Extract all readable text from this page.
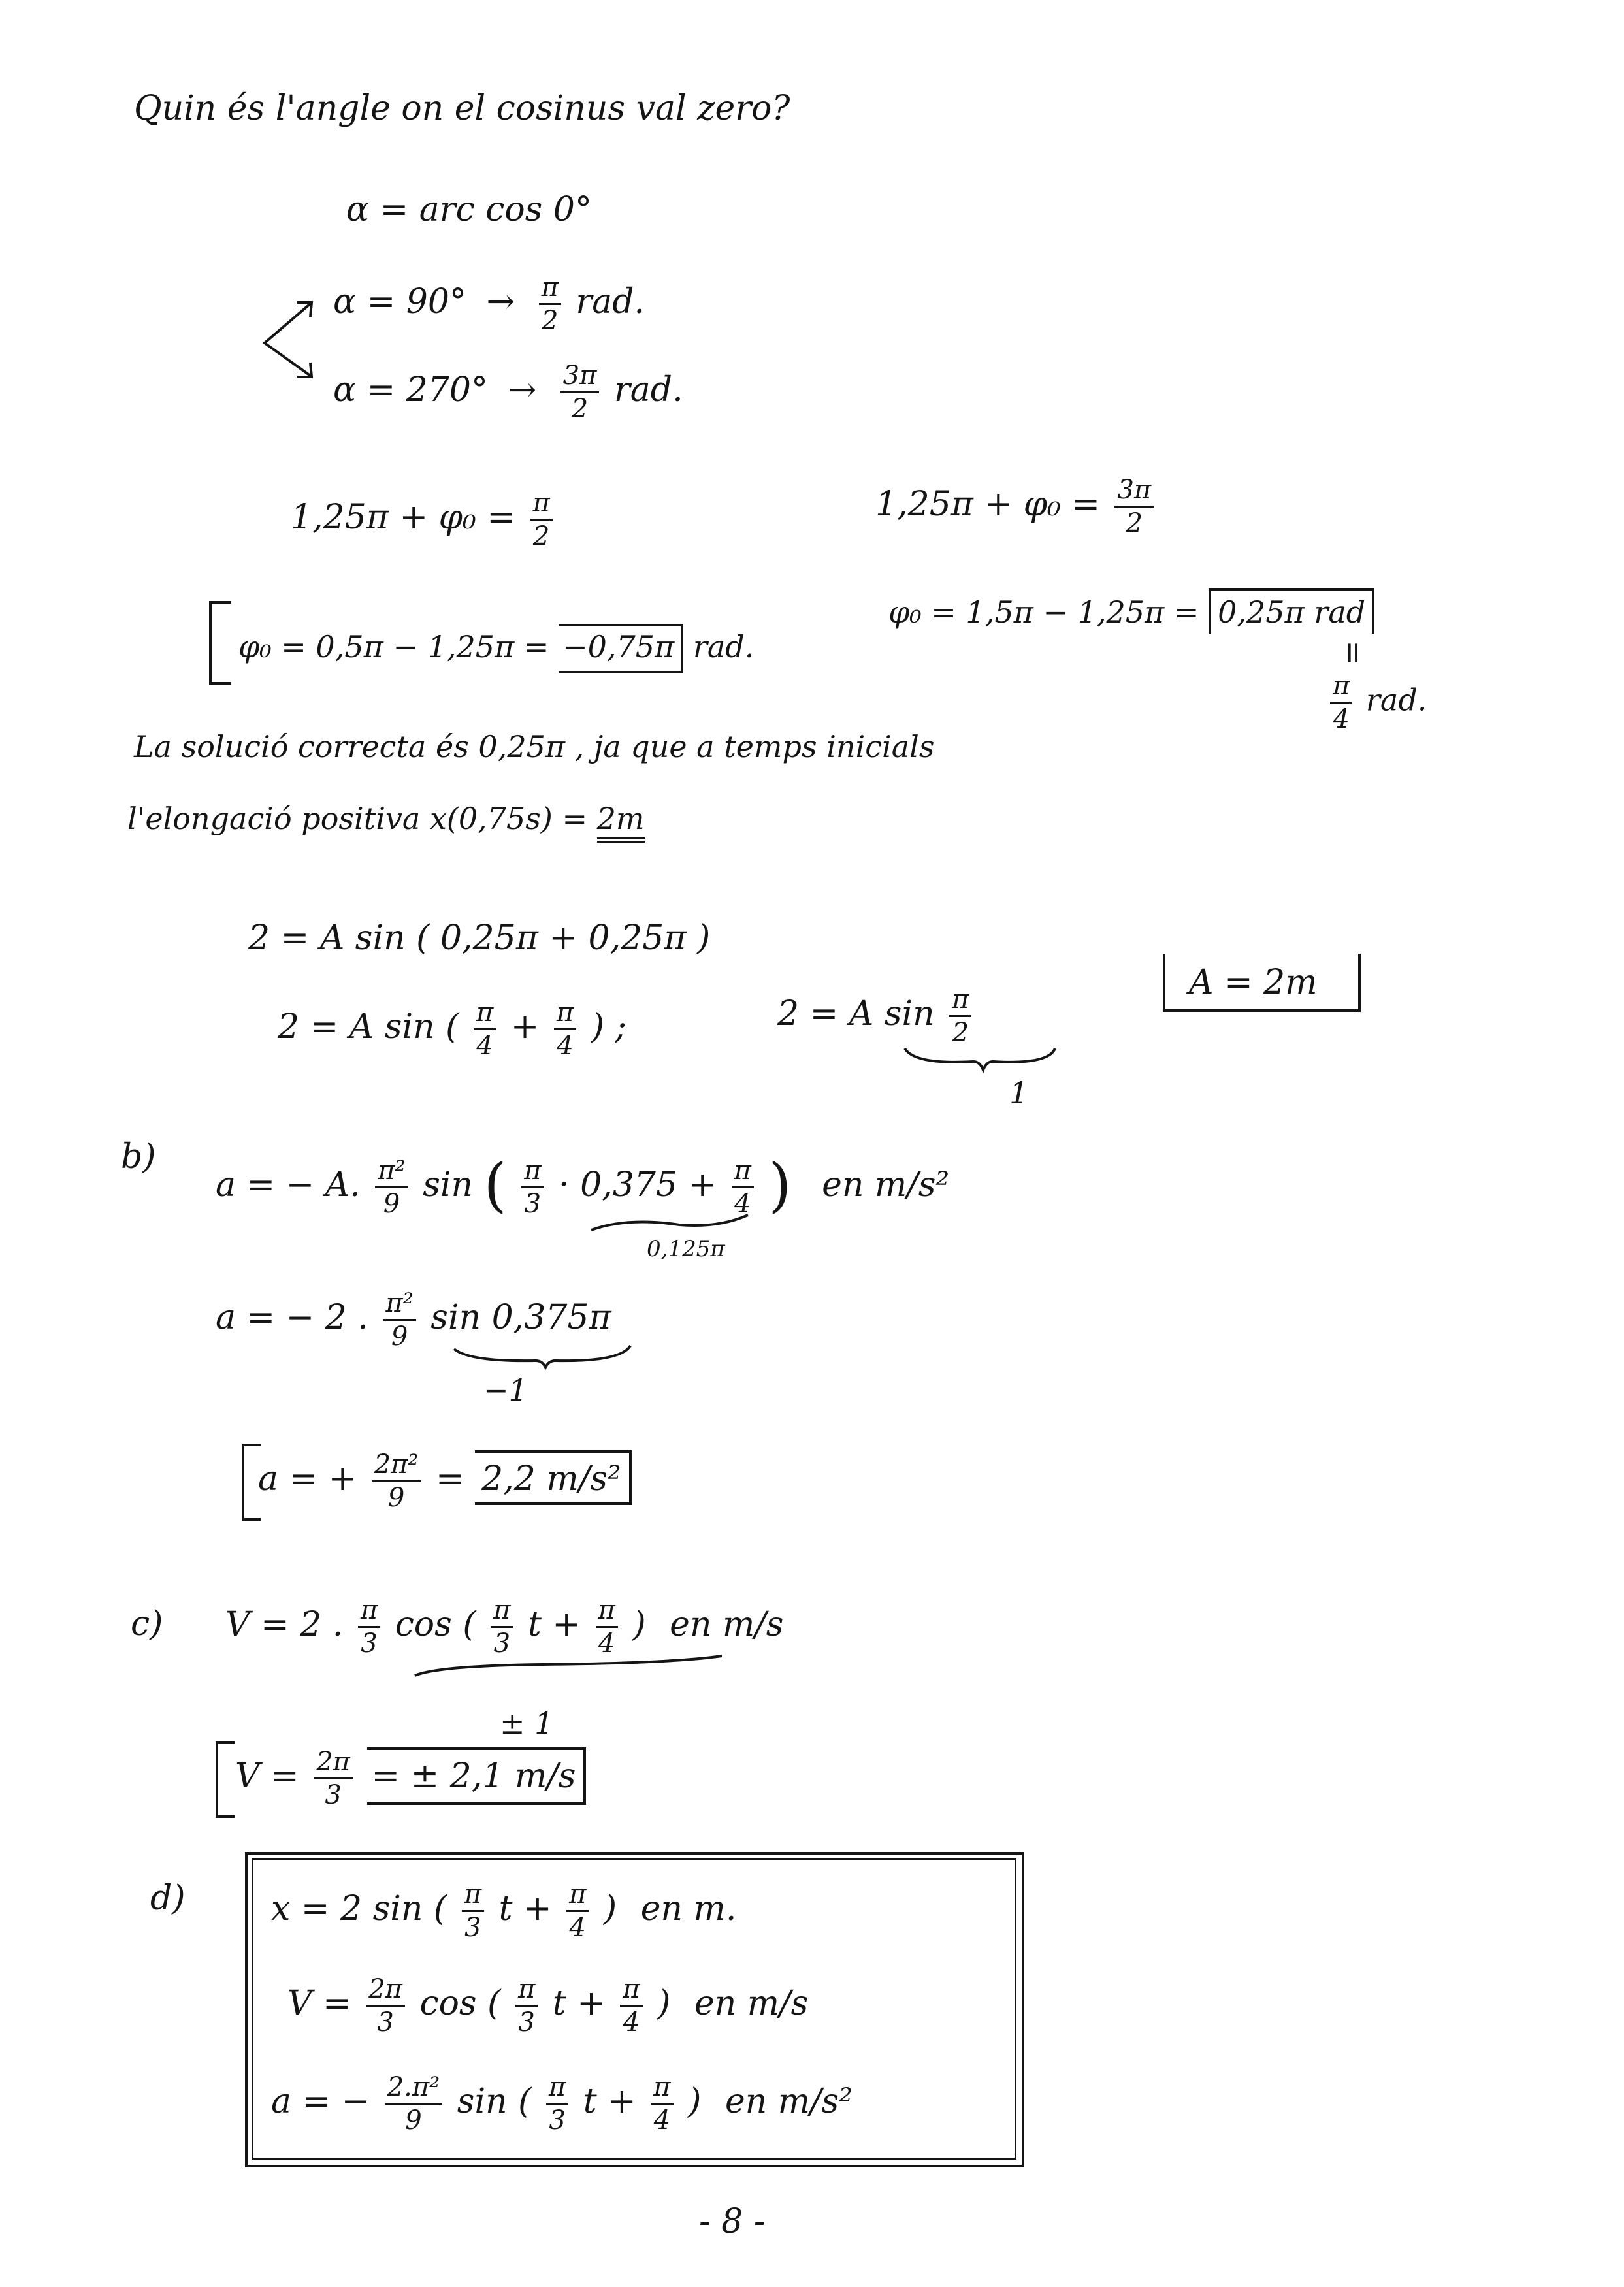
Quin és l'angle on el cosinus val zero?
α = arc cos 0°
$\alpha = 90^\circ \to \frac{\pi}{2}$ rad.
$\alpha = 270^\circ \to \frac{3\pi}{2}$ rad.
$1,25\pi + \varphi_0 = \frac{\pi}{2}$	$1,25\pi + \varphi_0 = \frac{3\pi}{2}$
φ₀ = 0,5π − 1,25π = −0,75π rad.
φ₀ = 1,5π − 1,25π = 0,25π rad
॥
$\frac{\pi}{4}$ rad.
La solució correcta és 0,25π , ja que a temps inicials
l'elongació positiva x(0,75s) = 2m
2 = A sin ( 0,25π + 0,25π )
2 = A sin ( $\frac{\pi}{4} + \frac{\pi}{4}$ ) ;	2 = A $\sin \frac{\pi}{2}$
1
A = 2m
b)
a = − A. $\frac{\text{π²}}{9}$ sin ( $\frac{\pi}{3} \cdot 0,375 + \frac{\pi}{4}$ ) en m/s²
0,125π
a = − 2 . $\frac{\text{π²}}{9}$ sin 0,375π
−1
a = + $\frac{\text{2π²}}{9} = 2,2$ m/s²
c) V = 2 . $\frac{\pi}{3}$ cos ( $\frac{\pi}{3}$ $t + \frac{\pi}{4}$ ) en m/s
± 1
$V = \frac{2\pi}{3}$ = ± 2,1 m/s
d)	x = 2 sin ( $\frac{\pi}{3}$ $t + \frac{\pi}{4}$ ) en m.
$V = \frac{2\pi}{3}$ cos ( $\frac{\pi}{3}$ $t + \frac{\pi}{4}$ ) en m/s
a = − $\frac{\text{2.π²}}{9}$ sin ( $\frac{\pi}{3}$ $t + \frac{\pi}{4}$ ) en m/s²
- 8 -
